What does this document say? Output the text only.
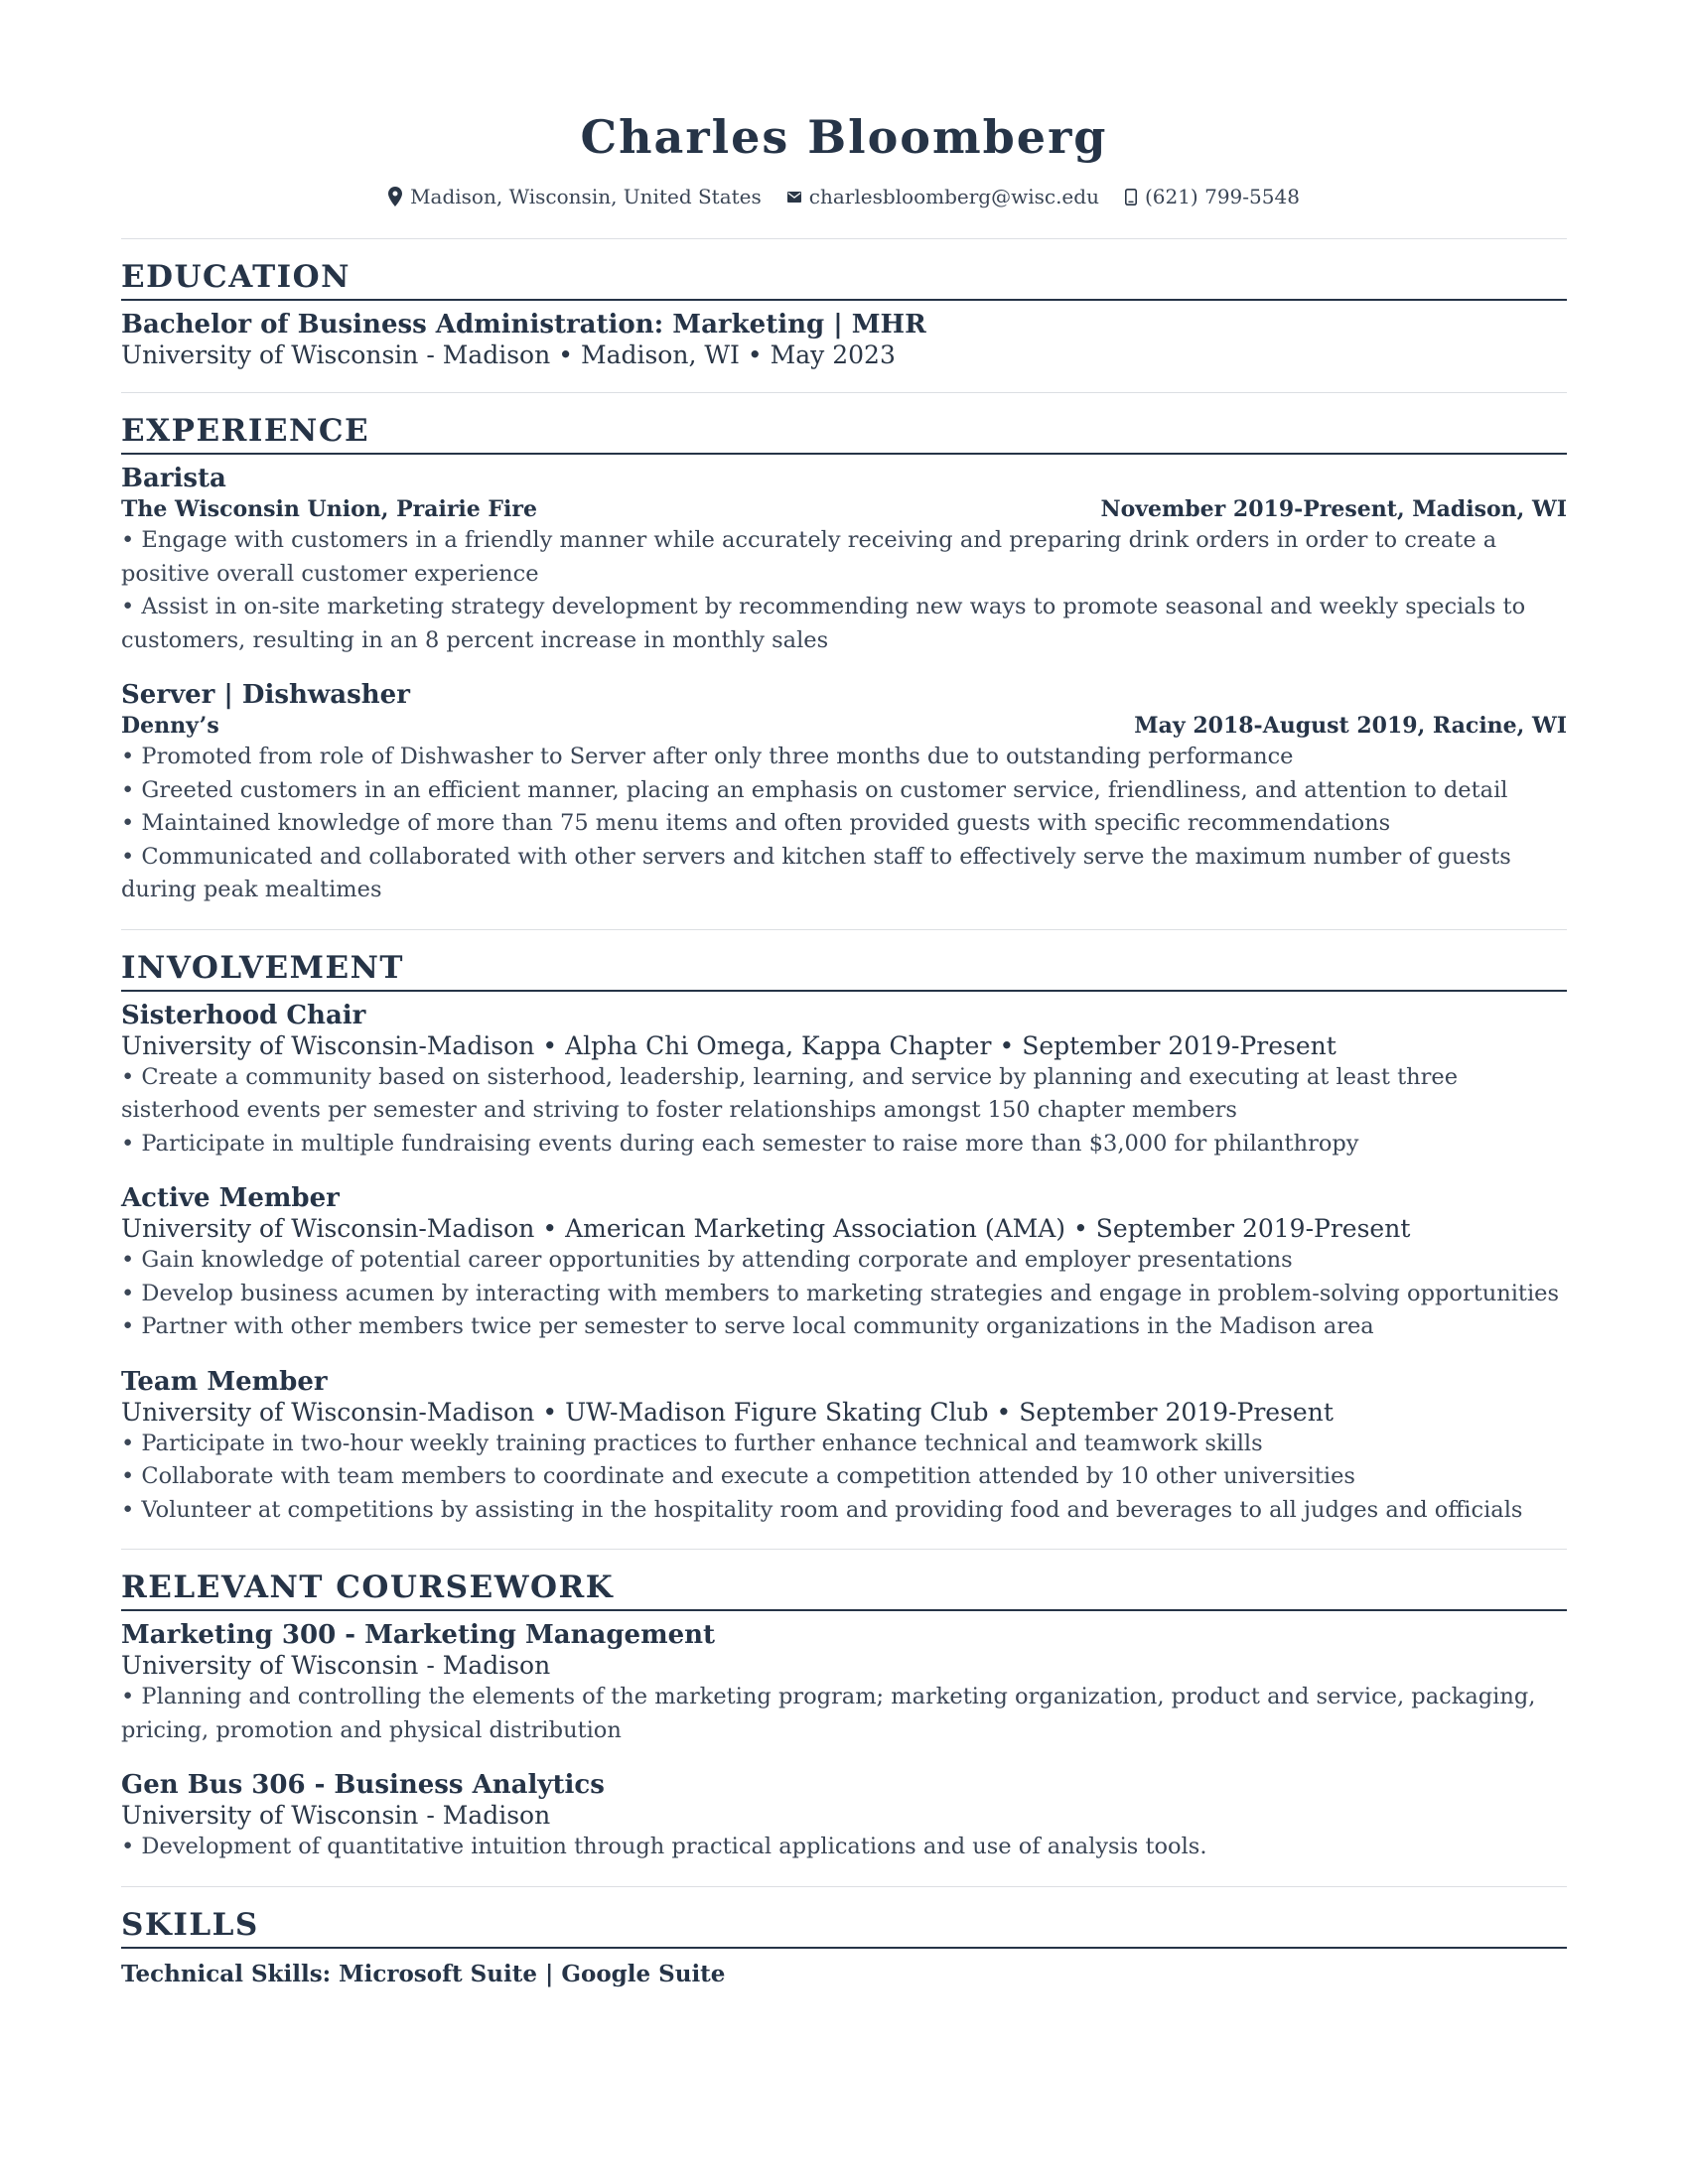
Charles Bloomberg
Madison, Wisconsin, United States charlesbloomberg@wisc.edu (621) 799-5548
EDUCATION
Bachelor of Business Administration: Marketing | MHR
University of Wisconsin - Madison • Madison, WI • May 2023
EXPERIENCE
Barista
The Wisconsin Union, Prairie Fire	November 2019-Present, Madison, WI
• Engage with customers in a friendly manner while accurately receiving and preparing drink orders in order to create a positive overall customer experience
• Assist in on-site marketing strategy development by recommending new ways to promote seasonal and weekly specials to customers, resulting in an 8 percent increase in monthly sales
Server | Dishwasher
Denny’s	May 2018-August 2019, Racine, WI
• Promoted from role of Dishwasher to Server after only three months due to outstanding performance
• Greeted customers in an efficient manner, placing an emphasis on customer service, friendliness, and attention to detail
• Maintained knowledge of more than 75 menu items and often provided guests with specific recommendations
• Communicated and collaborated with other servers and kitchen staff to effectively serve the maximum number of guests during peak mealtimes
INVOLVEMENT
Sisterhood Chair
University of Wisconsin-Madison • Alpha Chi Omega, Kappa Chapter • September 2019-Present
• Create a community based on sisterhood, leadership, learning, and service by planning and executing at least three sisterhood events per semester and striving to foster relationships amongst 150 chapter members
• Participate in multiple fundraising events during each semester to raise more than $3,000 for philanthropy
Active Member
University of Wisconsin-Madison • American Marketing Association (AMA) • September 2019-Present
• Gain knowledge of potential career opportunities by attending corporate and employer presentations
• Develop business acumen by interacting with members to marketing strategies and engage in problem-solving opportunities
• Partner with other members twice per semester to serve local community organizations in the Madison area
Team Member
University of Wisconsin-Madison • UW-Madison Figure Skating Club • September 2019-Present
• Participate in two-hour weekly training practices to further enhance technical and teamwork skills
• Collaborate with team members to coordinate and execute a competition attended by 10 other universities
• Volunteer at competitions by assisting in the hospitality room and providing food and beverages to all judges and officials
RELEVANT COURSEWORK
Marketing 300 - Marketing Management
University of Wisconsin - Madison
• Planning and controlling the elements of the marketing program; marketing organization, product and service, packaging, pricing, promotion and physical distribution
Gen Bus 306 - Business Analytics
University of Wisconsin - Madison
• Development of quantitative intuition through practical applications and use of analysis tools.
SKILLS
Technical Skills: Microsoft Suite | Google Suite
